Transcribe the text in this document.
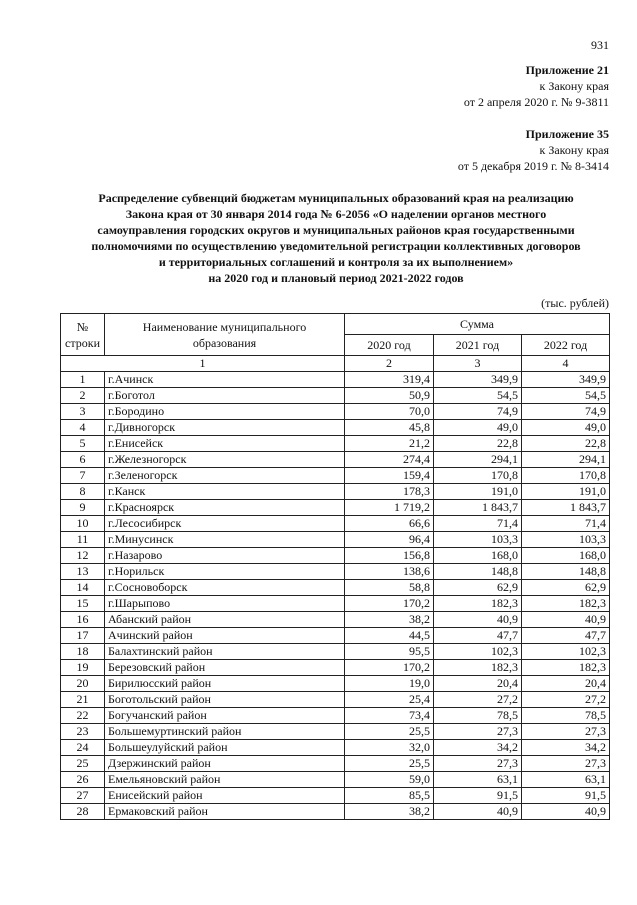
931
Приложение 21
к Закону края
от 2 апреля 2020 г. № 9-3811
Приложение 35
к Закону края
от 5 декабря 2019 г. № 8-3414
Распределение субвенций бюджетам муниципальных образований края на реализацию
Закона края от 30 января 2014 года № 6-2056 «О наделении органов местного
самоуправления городских округов и муниципальных районов края государственными
полномочиями по осуществлению уведомительной регистрации коллективных договоров
и территориальных соглашений и контроля за их выполнением»
на 2020 год и плановый период 2021-2022 годов
(тыс. рублей)
№
строки	Наименование муниципального
образования	Сумма		
		2020 год	2021 год	2022 год
1		2	3	4
1	г.Ачинск	319,4	349,9	349,9
2	г.Боготол	50,9	54,5	54,5
3	г.Бородино	70,0	74,9	74,9
4	г.Дивногорск	45,8	49,0	49,0
5	г.Енисейск	21,2	22,8	22,8
6	г.Железногорск	274,4	294,1	294,1
7	г.Зеленогорск	159,4	170,8	170,8
8	г.Канск	178,3	191,0	191,0
9	г.Красноярск	1 719,2	1 843,7	1 843,7
10	г.Лесосибирск	66,6	71,4	71,4
11	г.Минусинск	96,4	103,3	103,3
12	г.Назарово	156,8	168,0	168,0
13	г.Норильск	138,6	148,8	148,8
14	г.Сосновоборск	58,8	62,9	62,9
15	г.Шарыпово	170,2	182,3	182,3
16	Абанский район	38,2	40,9	40,9
17	Ачинский район	44,5	47,7	47,7
18	Балахтинский район	95,5	102,3	102,3
19	Березовский район	170,2	182,3	182,3
20	Бирилюсский район	19,0	20,4	20,4
21	Боготольский район	25,4	27,2	27,2
22	Богучанский район	73,4	78,5	78,5
23	Большемуртинский район	25,5	27,3	27,3
24	Большеулуйский район	32,0	34,2	34,2
25	Дзержинский район	25,5	27,3	27,3
26	Емельяновский район	59,0	63,1	63,1
27	Енисейский район	85,5	91,5	91,5
28	Ермаковский район	38,2	40,9	40,9
